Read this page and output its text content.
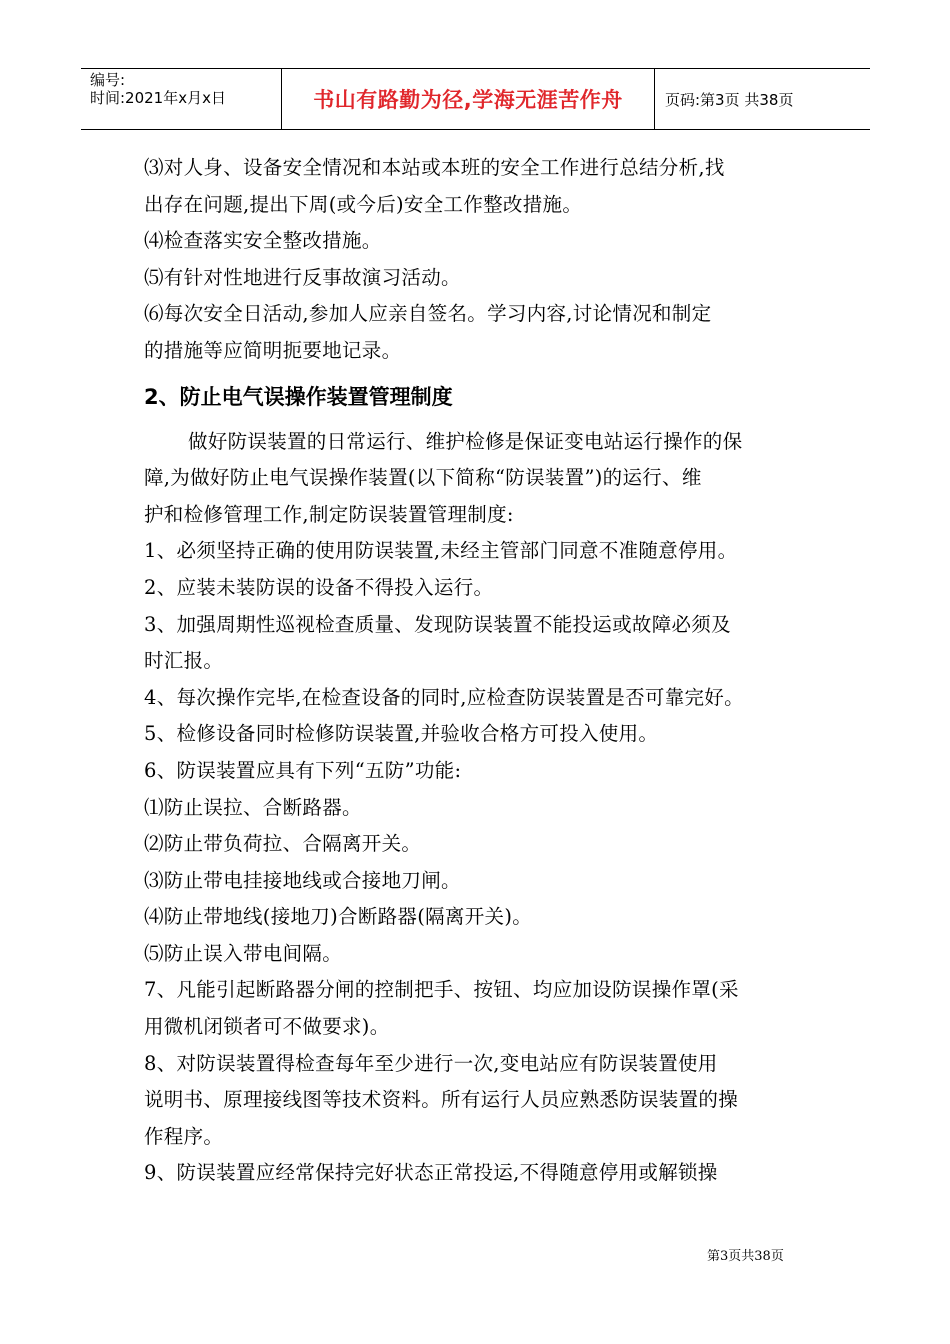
编号:
时间:2021年x月x日	书山有路勤为径,学海无涯苦作舟	页码:第3页 共38页
⑶对人身、设备安全情况和本站或本班的安全工作进行总结分析,找
出存在问题,提出下周(或今后)安全工作整改措施。
⑷检查落实安全整改措施。
⑸有针对性地进行反事故演习活动。
⑹每次安全日活动,参加人应亲自签名。学习内容,讨论情况和制定
的措施等应简明扼要地记录。
2、防止电气误操作装置管理制度
做好防误装置的日常运行、维护检修是保证变电站运行操作的保
障,为做好防止电气误操作装置(以下简称“防误装置”)的运行、维
护和检修管理工作,制定防误装置管理制度:
1、必须坚持正确的使用防误装置,未经主管部门同意不准随意停用。
2、应装未装防误的设备不得投入运行。
3、加强周期性巡视检查质量、发现防误装置不能投运或故障必须及
时汇报。
4、每次操作完毕,在检查设备的同时,应检查防误装置是否可靠完好。
5、检修设备同时检修防误装置,并验收合格方可投入使用。
6、防误装置应具有下列“五防”功能:
⑴防止误拉、合断路器。
⑵防止带负荷拉、合隔离开关。
⑶防止带电挂接地线或合接地刀闸。
⑷防止带地线(接地刀)合断路器(隔离开关)。
⑸防止误入带电间隔。
7、凡能引起断路器分闸的控制把手、按钮、均应加设防误操作罩(采
用微机闭锁者可不做要求)。
8、对防误装置得检查每年至少进行一次,变电站应有防误装置使用
说明书、原理接线图等技术资料。所有运行人员应熟悉防误装置的操
作程序。
9、防误装置应经常保持完好状态正常投运,不得随意停用或解锁操
第3页共38页
